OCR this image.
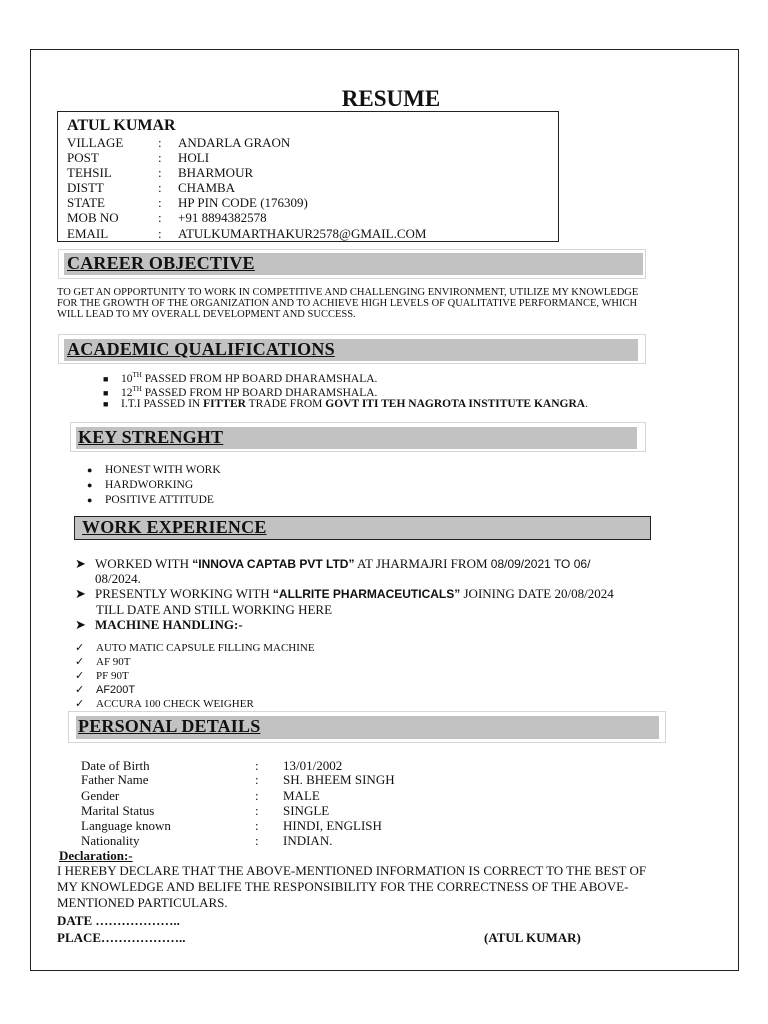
RESUME
ATUL KUMAR
VILLAGE	: ANDARLA GRAON
POST	: HOLI
TEHSIL	: BHARMOUR
DISTT	: CHAMBA
STATE	: HP PIN CODE (176309)
MOB NO	: +91 8894382578
EMAIL	: ATULKUMARTHAKUR2578@GMAIL.COM
CAREER OBJECTIVE
TO GET AN OPPORTUNITY TO WORK IN COMPETITIVE AND CHALLENGING ENVIRONMENT, UTILIZE MY KNOWLEDGE
FOR THE GROWTH OF THE ORGANIZATION AND TO ACHIEVE HIGH LEVELS OF QUALITATIVE PERFORMANCE, WHICH
WILL LEAD TO MY OVERALL DEVELOPMENT AND SUCCESS.
ACADEMIC QUALIFICATIONS
■ 10TH PASSED FROM HP BOARD DHARAMSHALA.
■ 12TH PASSED FROM HP BOARD DHARAMSHALA.
■ I.T.I PASSED IN FITTER TRADE FROM GOVT ITI TEH NAGROTA INSTITUTE KANGRA.
KEY STRENGHT
● HONEST WITH WORK
● HARDWORKING
● POSITIVE ATTITUDE
WORK EXPERIENCE
➤ WORKED WITH “INNOVA CAPTAB PVT LTD” AT JHARMAJRI FROM 08/09/2021 TO 06/
08/2024.
➤ PRESENTLY WORKING WITH “ALLRITE PHARMACEUTICALS” JOINING DATE 20/08/2024
TILL DATE AND STILL WORKING HERE
➤ MACHINE HANDLING:-
✓ AUTO MATIC CAPSULE FILLING MACHINE
✓ AF 90T
✓ PF 90T
✓ AF200T
✓ ACCURA 100 CHECK WEIGHER
PERSONAL DETAILS
Date of Birth	: 13/01/2002
Father Name	: SH. BHEEM SINGH
Gender	: MALE
Marital Status	: SINGLE
Language known	: HINDI, ENGLISH
Nationality	: INDIAN.
Declaration:-
I HEREBY DECLARE THAT THE ABOVE-MENTIONED INFORMATION IS CORRECT TO THE BEST OF
MY KNOWLEDGE AND BELIFE THE RESPONSIBILITY FOR THE CORRECTNESS OF THE ABOVE-
MENTIONED PARTICULARS.
DATE ………………..
PLACE………………..	(ATUL KUMAR)
